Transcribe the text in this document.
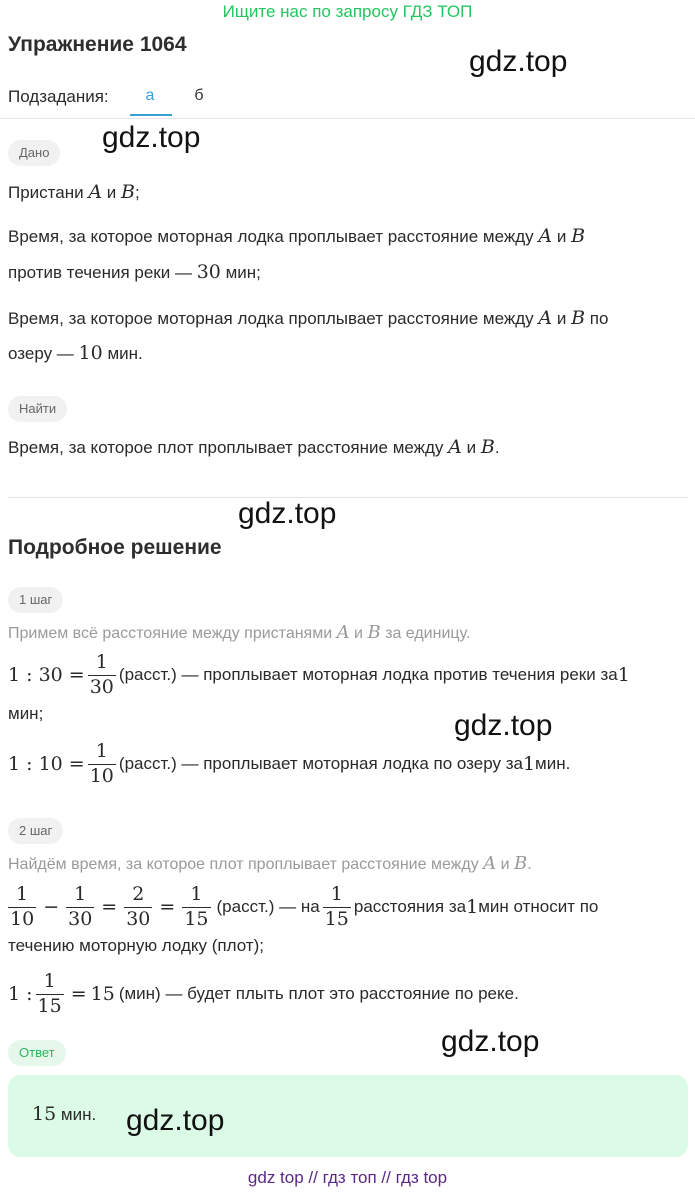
Ищите нас по запросу ГДЗ ТОП
Упражнение 1064
gdz.top
Подзадания:	а	б
Дано	gdz.top
Пристани A и B;
Время, за которое моторная лодка проплывает расстояние между A и B
против течения реки — 30 мин;
Время, за которое моторная лодка проплывает расстояние между A и B по
озеру — 10 мин.
Найти
Время, за которое плот проплывает расстояние между A и B.
gdz.top
Подробное решение
1 шаг
Примем всё расстояние между пристанями A и B за единицу.
1 : $30 = \frac{1}{30}$ (расст.) — проплывает моторная лодка против течения реки за 1
мин;	gdz.top
1 : $10 = \frac{1}{10}$ (расст.) — проплывает моторная лодка по озеру за 1 мин.
2 шаг
Найдём время, за которое плот проплывает расстояние между A и B.
$\frac{1}{10} - \frac{1}{30} = \frac{2}{30} = \frac{1}{15}$ (расст.) — на $\frac{1}{15}$ расстояния за 1 мин относит по
течению моторную лодку (плот);
1 : $\frac{1}{15} = 15$ (мин) — будет плыть плот это расстояние по реке.
Ответ	gdz.top
15 мин. gdz.top
gdz top // гдз топ // гдз top
